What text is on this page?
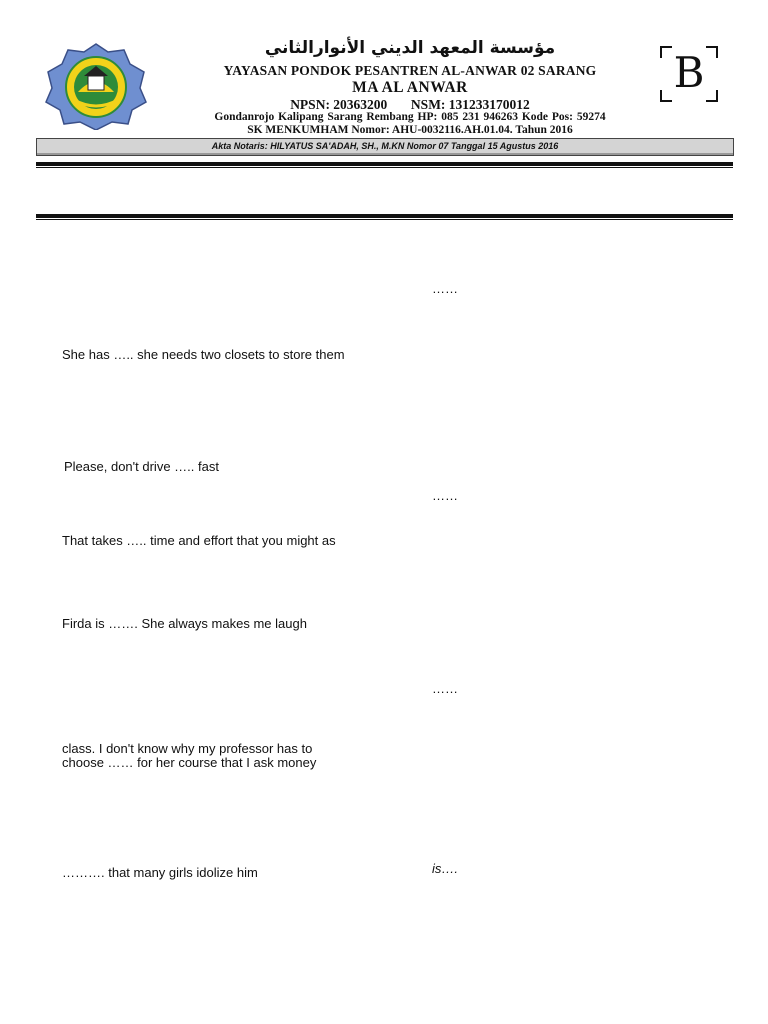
مؤسسة المعهد الديني الأنوارالثاني
YAYASAN PONDOK PESANTREN AL-ANWAR 02 SARANG
MA AL ANWAR
NPSN: 20363200       NSM: 131233170012
Gondanrojo Kalipang Sarang Rembang HP: 085 231 946263 Kode Pos: 59274
SK MENKUMHAM Nomor: AHU-0032116.AH.01.04. Tahun 2016
B
Akta Notaris: HILYATUS SA'ADAH, SH., M.KN Nomor 07 Tanggal 15 Agustus 2016
……
……
……
is….
She has ….. she needs two closets to store them
Please, don't drive ….. fast
That takes ….. time and effort that you might as
Firda is ……. She always makes me laugh
class. I don't know why my professor has to choose …… for her course that I ask money
………. that many girls idolize him
